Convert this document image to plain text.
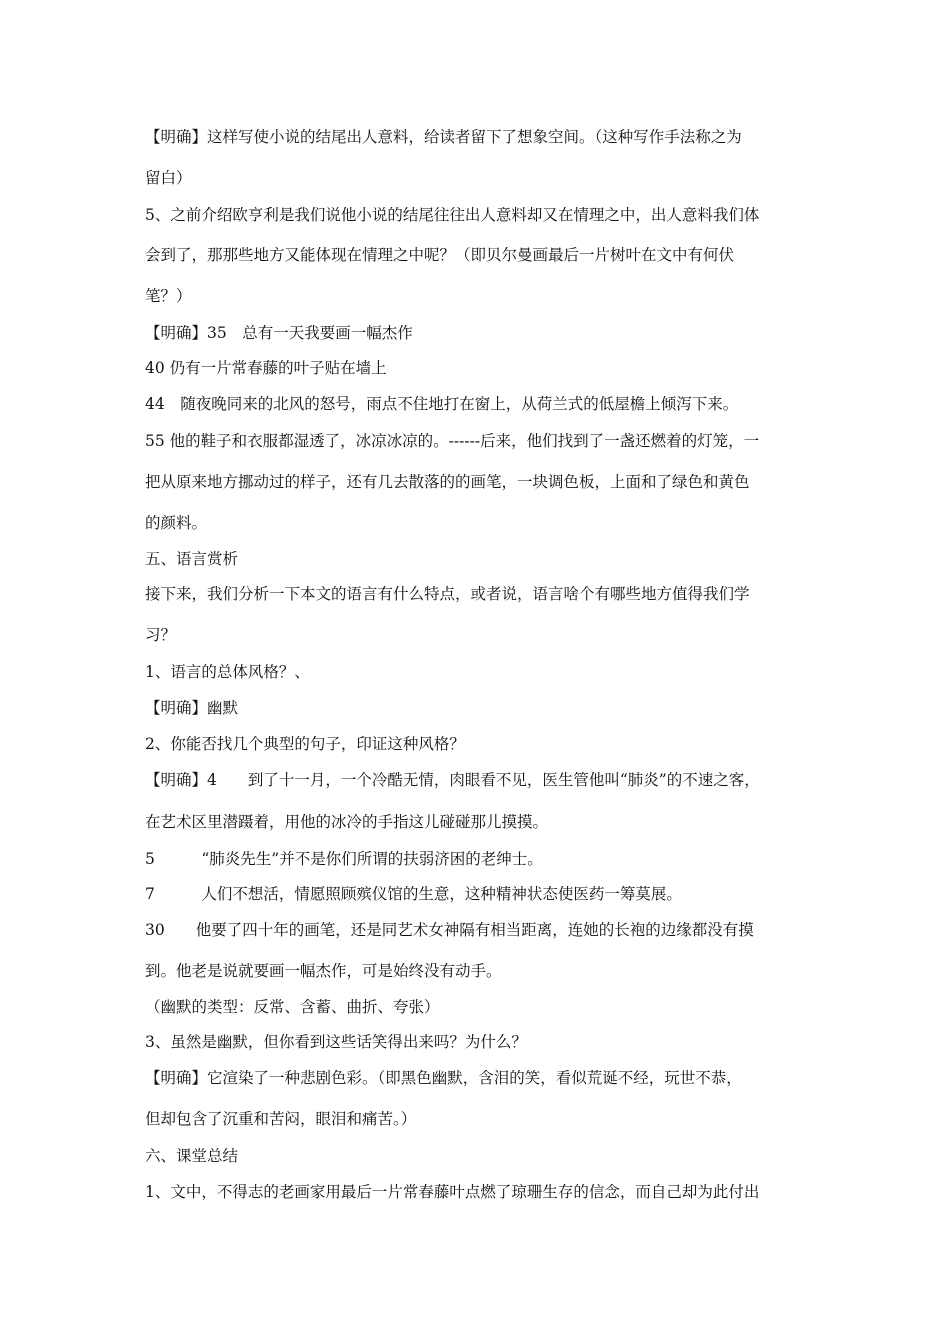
【明确】这样写使小说的结尾出人意料，给读者留下了想象空间。（这种写作手法称之为
留白）
5、之前介绍欧亨利是我们说他小说的结尾往往出人意料却又在情理之中，出人意料我们体
会到了，那那些地方又能体现在情理之中呢？（即贝尔曼画最后一片树叶在文中有何伏
笔？）
【明确】35　总有一天我要画一幅杰作
40 仍有一片常春藤的叶子贴在墙上
44　随夜晚同来的北风的怒号，雨点不住地打在窗上，从荷兰式的低屋檐上倾泻下来。
55 他的鞋子和衣服都湿透了，冰凉冰凉的。------后来，他们找到了一盏还燃着的灯笼，一
把从原来地方挪动过的样子，还有几去散落的的画笔，一块调色板，上面和了绿色和黄色
的颜料。
五、语言赏析
接下来，我们分析一下本文的语言有什么特点，或者说，语言啥个有哪些地方值得我们学
习？
1、语言的总体风格？、
【明确】幽默
2、你能否找几个典型的句子，印证这种风格？
【明确】4　　到了十一月，一个冷酷无情，肉眼看不见，医生管他叫“肺炎”的不速之客，
在艺术区里潜蹑着，用他的冰冷的手指这儿碰碰那儿摸摸。
5　　　“肺炎先生”并不是你们所谓的扶弱济困的老绅士。
7　　　人们不想活，情愿照顾殡仪馆的生意，这种精神状态使医药一筹莫展。
30　　他要了四十年的画笔，还是同艺术女神隔有相当距离，连她的长袍的边缘都没有摸
到。他老是说就要画一幅杰作，可是始终没有动手。
（幽默的类型：反常、含蓄、曲折、夸张）
3、虽然是幽默，但你看到这些话笑得出来吗？为什么？
【明确】它渲染了一种悲剧色彩。（即黑色幽默，含泪的笑，看似荒诞不经，玩世不恭，
但却包含了沉重和苦闷，眼泪和痛苦。）
六、课堂总结
1、文中，不得志的老画家用最后一片常春藤叶点燃了琼珊生存的信念，而自己却为此付出
